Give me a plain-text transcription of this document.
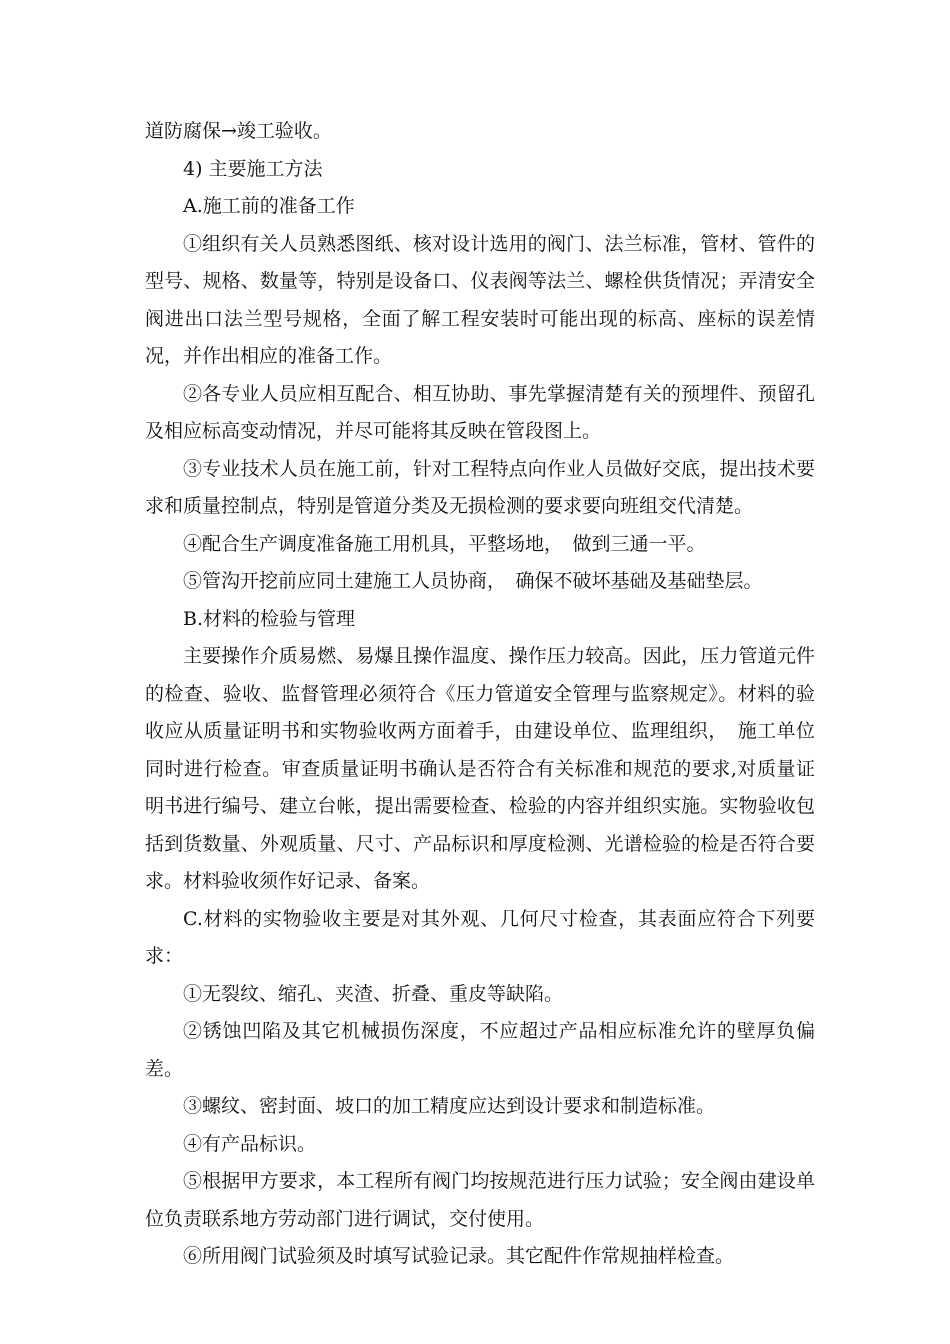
道防腐保→竣工验收。

4) 主要施工方法

A.施工前的准备工作

①组织有关人员熟悉图纸、核对设计选用的阀门、法兰标准，管材、管件的型号、规格、数量等，特别是设备口、仪表阀等法兰、螺栓供货情况；弄清安全阀进出口法兰型号规格，全面了解工程安装时可能出现的标高、座标的误差情况，并作出相应的准备工作。

②各专业人员应相互配合、相互协助、事先掌握清楚有关的预埋件、预留孔及相应标高变动情况，并尽可能将其反映在管段图上。

③专业技术人员在施工前，针对工程特点向作业人员做好交底，提出技术要求和质量控制点，特别是管道分类及无损检测的要求要向班组交代清楚。

④配合生产调度准备施工用机具，平整场地，　做到三通一平。

⑤管沟开挖前应同土建施工人员协商，　确保不破坏基础及基础垫层。

B.材料的检验与管理

主要操作介质易燃、易爆且操作温度、操作压力较高。因此，压力管道元件的检查、验收、监督管理必须符合《压力管道安全管理与监察规定》。材料的验收应从质量证明书和实物验收两方面着手，由建设单位、监理组织，　施工单位同时进行检查。审查质量证明书确认是否符合有关标准和规范的要求,对质量证明书进行编号、建立台帐，提出需要检查、检验的内容并组织实施。实物验收包括到货数量、外观质量、尺寸、产品标识和厚度检测、光谱检验的检是否符合要求。材料验收须作好记录、备案。

C.材料的实物验收主要是对其外观、几何尺寸检查，其表面应符合下列要求：

①无裂纹、缩孔、夹渣、折叠、重皮等缺陷。

②锈蚀凹陷及其它机械损伤深度，不应超过产品相应标准允许的壁厚负偏差。

③螺纹、密封面、坡口的加工精度应达到设计要求和制造标准。

④有产品标识。

⑤根据甲方要求，本工程所有阀门均按规范进行压力试验；安全阀由建设单位负责联系地方劳动部门进行调试，交付使用。

⑥所用阀门试验须及时填写试验记录。其它配件作常规抽样检查。
